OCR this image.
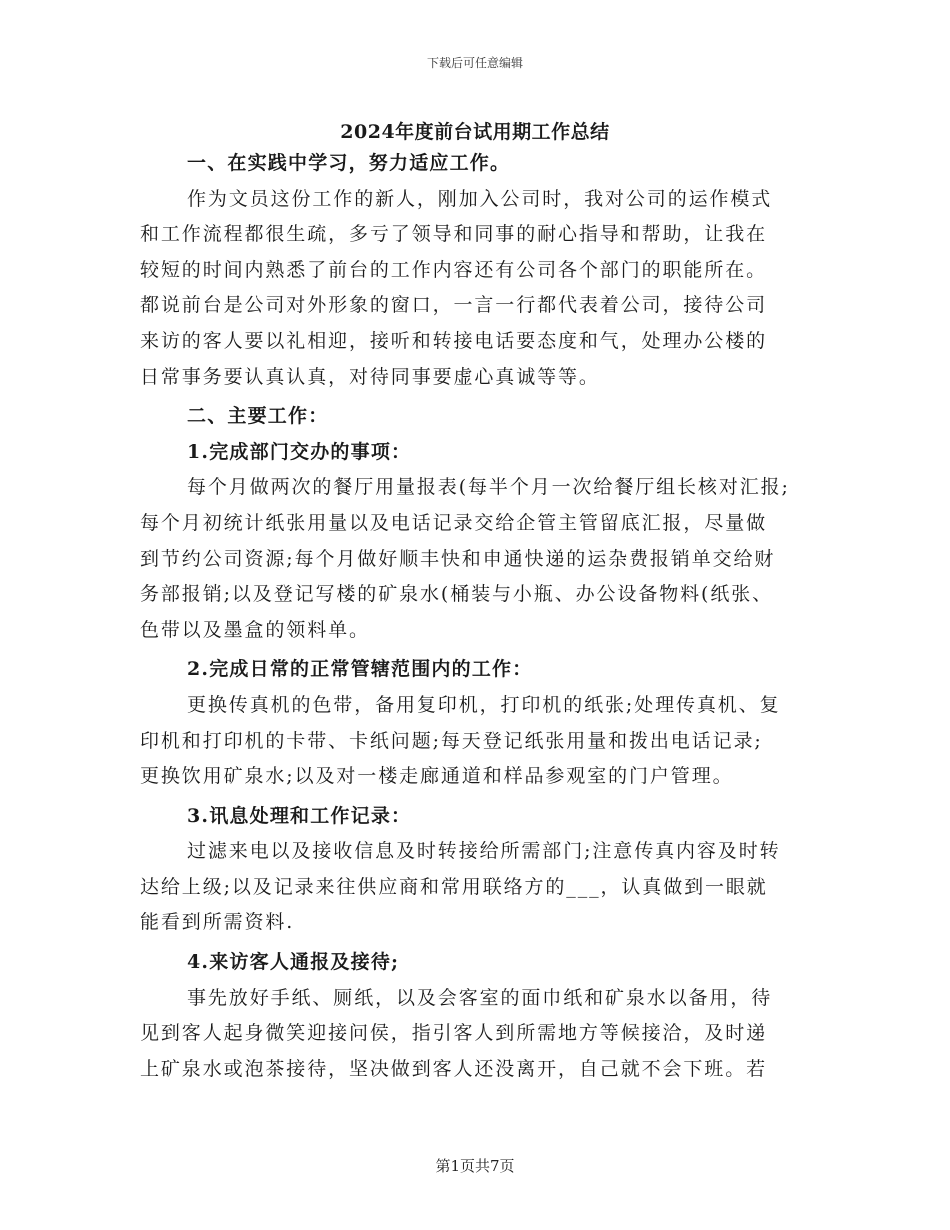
下载后可任意编辑
2024年度前台试用期工作总结
一、在实践中学习，努力适应工作。
作为文员这份工作的新人，刚加入公司时，我对公司的运作模式
和工作流程都很生疏，多亏了领导和同事的耐心指导和帮助，让我在
较短的时间内熟悉了前台的工作内容还有公司各个部门的职能所在。
都说前台是公司对外形象的窗口，一言一行都代表着公司，接待公司
来访的客人要以礼相迎，接听和转接电话要态度和气，处理办公楼的
日常事务要认真认真，对待同事要虚心真诚等等。
二、主要工作：
1.完成部门交办的事项：
每个月做两次的餐厅用量报表(每半个月一次给餐厅组长核对汇报;
每个月初统计纸张用量以及电话记录交给企管主管留底汇报，尽量做
到节约公司资源;每个月做好顺丰快和申通快递的运杂费报销单交给财
务部报销;以及登记写楼的矿泉水(桶装与小瓶、办公设备物料(纸张、
色带以及墨盒的领料单。
2.完成日常的正常管辖范围内的工作：
更换传真机的色带，备用复印机，打印机的纸张;处理传真机、复
印机和打印机的卡带、卡纸问题;每天登记纸张用量和拨出电话记录;
更换饮用矿泉水;以及对一楼走廊通道和样品参观室的门户管理。
3.讯息处理和工作记录：
过滤来电以及接收信息及时转接给所需部门;注意传真内容及时转
达给上级;以及记录来往供应商和常用联络方的___，认真做到一眼就
能看到所需资料.
4.来访客人通报及接待;
事先放好手纸、厕纸，以及会客室的面巾纸和矿泉水以备用，待
见到客人起身微笑迎接问侯，指引客人到所需地方等候接洽，及时递
上矿泉水或泡茶接待，坚决做到客人还没离开，自己就不会下班。若
第1页共7页
